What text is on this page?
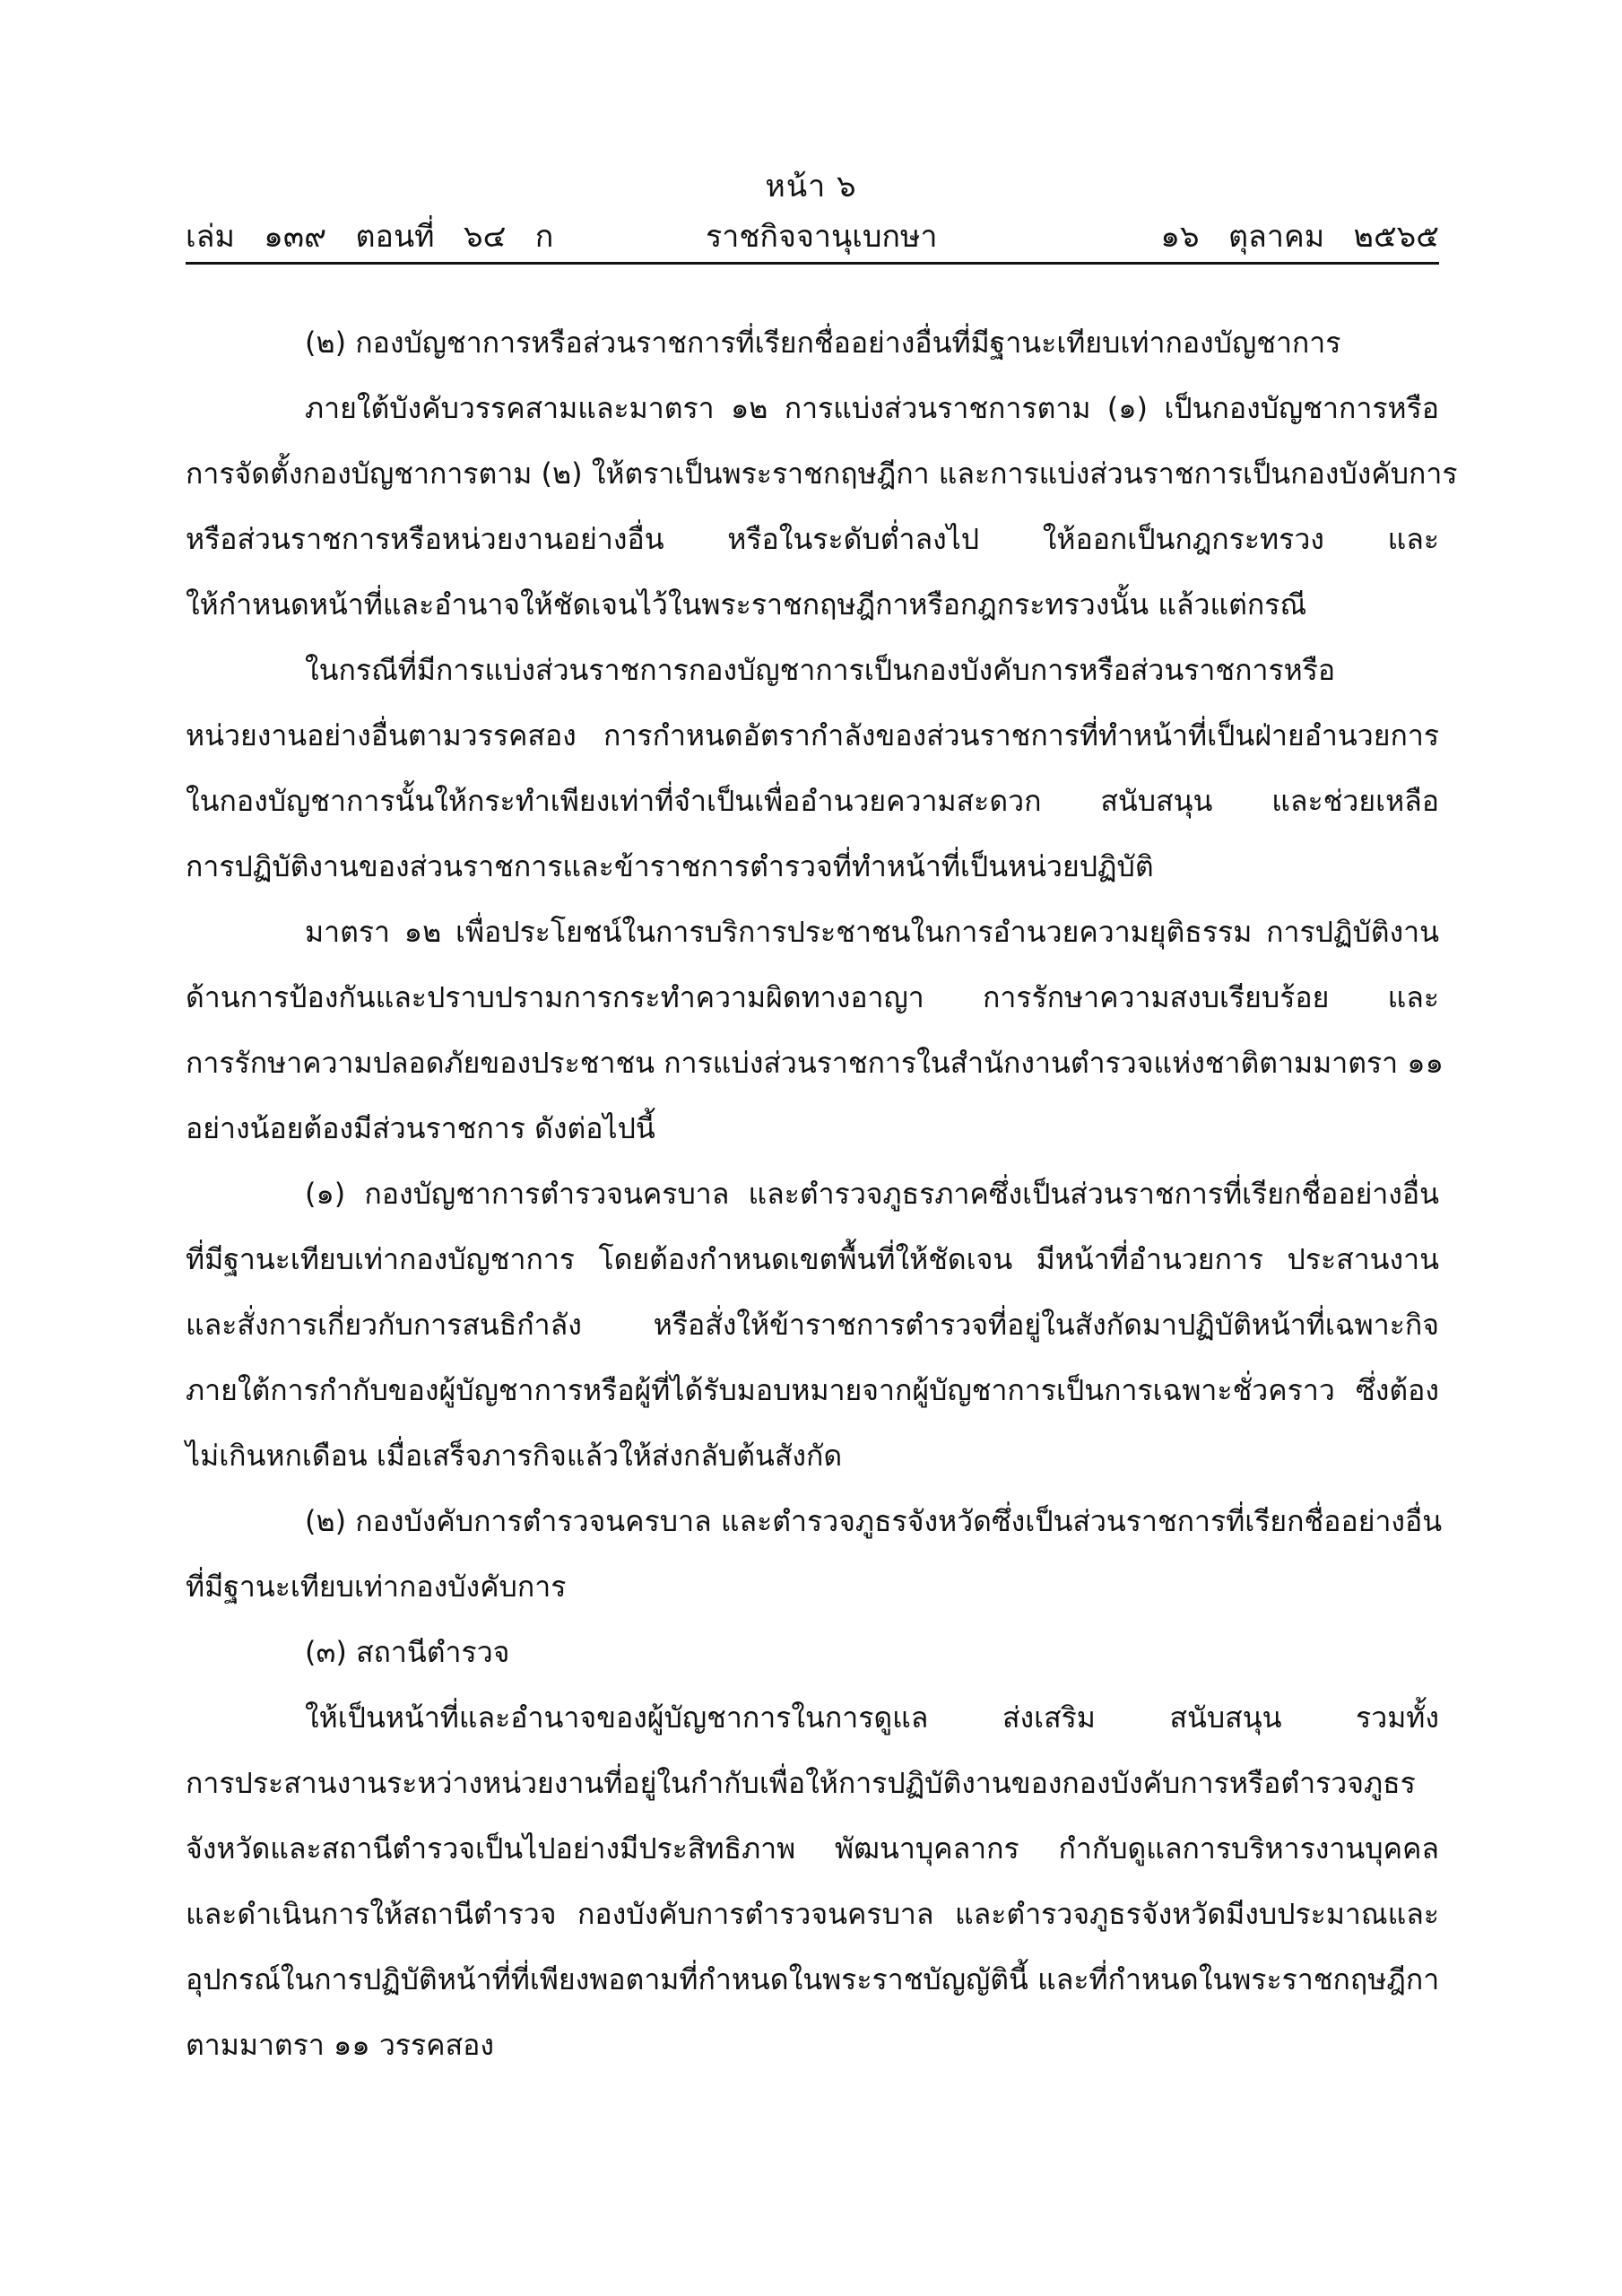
หน้า ๖
เล่ม   ๑๓๙   ตอนที่   ๖๔   ก	ราชกิจจานุเบกษา	๑๖   ตุลาคม   ๒๕๖๕
(๒) กองบัญชาการหรือส่วนราชการที่เรียกชื่ออย่างอื่นที่มีฐานะเทียบเท่ากองบัญชาการ
ภายใต้บังคับวรรคสามและมาตรา ๑๒ การแบ่งส่วนราชการตาม (๑) เป็นกองบัญชาการหรือ
การจัดตั้งกองบัญชาการตาม (๒) ให้ตราเป็นพระราชกฤษฎีกา และการแบ่งส่วนราชการเป็นกองบังคับการ
หรือส่วนราชการหรือหน่วยงานอย่างอื่น หรือในระดับต่ำลงไป ให้ออกเป็นกฎกระทรวง และ
ให้กำหนดหน้าที่และอำนาจให้ชัดเจนไว้ในพระราชกฤษฎีกาหรือกฎกระทรวงนั้น แล้วแต่กรณี
ในกรณีที่มีการแบ่งส่วนราชการกองบัญชาการเป็นกองบังคับการหรือส่วนราชการหรือ
หน่วยงานอย่างอื่นตามวรรคสอง การกำหนดอัตรากำลังของส่วนราชการที่ทำหน้าที่เป็นฝ่ายอำนวยการ
ในกองบัญชาการนั้นให้กระทำเพียงเท่าที่จำเป็นเพื่ออำนวยความสะดวก สนับสนุน และช่วยเหลือ
การปฏิบัติงานของส่วนราชการและข้าราชการตำรวจที่ทำหน้าที่เป็นหน่วยปฏิบัติ
มาตรา ๑๒ เพื่อประโยชน์ในการบริการประชาชนในการอำนวยความยุติธรรม การปฏิบัติงาน
ด้านการป้องกันและปราบปรามการกระทำความผิดทางอาญา การรักษาความสงบเรียบร้อย และ
การรักษาความปลอดภัยของประชาชน การแบ่งส่วนราชการในสำนักงานตำรวจแห่งชาติตามมาตรา ๑๑
อย่างน้อยต้องมีส่วนราชการ ดังต่อไปนี้
(๑) กองบัญชาการตำรวจนครบาล และตำรวจภูธรภาคซึ่งเป็นส่วนราชการที่เรียกชื่ออย่างอื่น
ที่มีฐานะเทียบเท่ากองบัญชาการ โดยต้องกำหนดเขตพื้นที่ให้ชัดเจน มีหน้าที่อำนวยการ ประสานงาน
และสั่งการเกี่ยวกับการสนธิกำลัง หรือสั่งให้ข้าราชการตำรวจที่อยู่ในสังกัดมาปฏิบัติหน้าที่เฉพาะกิจ
ภายใต้การกำกับของผู้บัญชาการหรือผู้ที่ได้รับมอบหมายจากผู้บัญชาการเป็นการเฉพาะชั่วคราว ซึ่งต้อง
ไม่เกินหกเดือน เมื่อเสร็จภารกิจแล้วให้ส่งกลับต้นสังกัด
(๒) กองบังคับการตำรวจนครบาล และตำรวจภูธรจังหวัดซึ่งเป็นส่วนราชการที่เรียกชื่ออย่างอื่น
ที่มีฐานะเทียบเท่ากองบังคับการ
(๓) สถานีตำรวจ
ให้เป็นหน้าที่และอำนาจของผู้บัญชาการในการดูแล ส่งเสริม สนับสนุน รวมทั้ง
การประสานงานระหว่างหน่วยงานที่อยู่ในกำกับเพื่อให้การปฏิบัติงานของกองบังคับการหรือตำรวจภูธร
จังหวัดและสถานีตำรวจเป็นไปอย่างมีประสิทธิภาพ พัฒนาบุคลากร กำกับดูแลการบริหารงานบุคคล
และดำเนินการให้สถานีตำรวจ กองบังคับการตำรวจนครบาล และตำรวจภูธรจังหวัดมีงบประมาณและ
อุปกรณ์ในการปฏิบัติหน้าที่ที่เพียงพอตามที่กำหนดในพระราชบัญญัตินี้ และที่กำหนดในพระราชกฤษฎีกา
ตามมาตรา ๑๑ วรรคสอง
